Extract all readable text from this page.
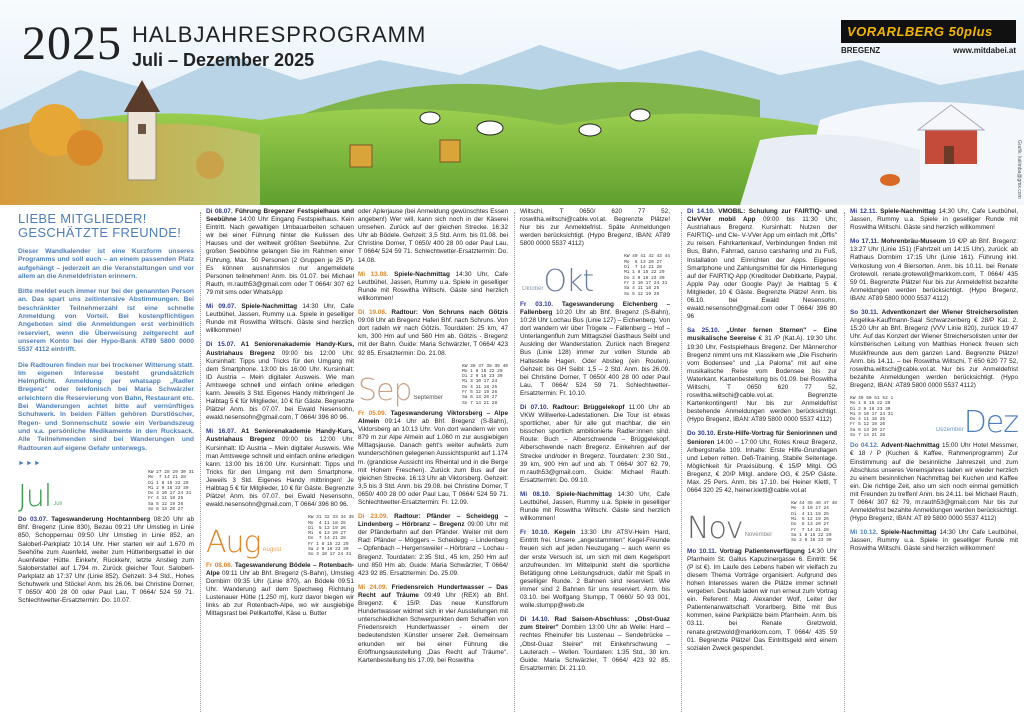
2025 HALBJAHRESPROGRAMM
Juli – Dezember 2025
VORARLBERG 50plus
BREGENZ	www.mitdabei.at
Grafik: kalimba@gmx.com
LIEBE MITGLIEDER!
GESCHÄTZTE FREUNDE!

Dieser Wandkalender ist eine Kurzform unseres Programms und soll euch – an einem passenden Platz aufgehängt – jederzeit an die Veranstaltungen und vor allem an die Anmeldefristen erinnern.

Bitte meldet euch immer nur bei der genannten Person an. Das spart uns zeitintensive Abstimmungen. Bei beschränkter Teilnehmerzahl ist eine schnelle Anmeldung von Vorteil. Bei kostenpflichtigen Angeboten sind die Anmeldungen erst verbindlich reserviert, wenn die Überweisung zeitgerecht auf unserem Konto bei der Hypo-Bank AT89 5800 0000 5537 4112 eintrifft.

Die Radtouren finden nur bei trockener Witterung statt. Im eigenen Interesse besteht grundsätzlich Helmpflicht. Anmeldung per whatsapp „Radler Bregenz" oder telefonisch bei Maria Schwärzler erleichtern die Reservierung von Bahn, Restaurant etc. Bei Wanderungen achtet bitte auf vernünftiges Schuhwerk. In beiden Fällen gehören Durstlöscher, Regen- und Sonnenschutz sowie ein Verbandszeug und v.a. persönliche Medikamente in den Rucksack. Alle Teilnehmenden sind bei Wanderungen und Radtouren auf eigene Gefahr unterwegs.

►►►
Jul Juli
KW 27 28 29 30 31
Mo  7 14 21 28
Di 1 8 15 22 29
Mi 2 9 16 23 30
Do 3 10 17 24 31
Fr 4 11 18 25
Sa 5 12 19 26
So 6 13 20 27
Do 03.07. Tageswanderung Hochtannberg 08:20 Uhr ab Bhf. Bregenz (Linie 830), Bezau 09:21 Uhr Umstieg in Linie 850, Schoppernau 09:50 Uhr Umstieg in Linie 852, an Saloberl-Parkplatz 10:14 Uhr. Hier starten wir auf 1.670 m Seehöhe zum Auenfeld, weiter zum Hüttenbergsattel in der Auenfelder Hütte. Einkehr, Rückkehr, letzte Anstieg zum Saloberstattel auf 1.794 m. Zurück gleicher Tour. Saloberl-Parkplatz ab 17:37 Uhr (Linie 852). Gehzeit: 3-4 Std., Hohes Schuhwerk und Stöcke! Anm. bis 26.06. bei Christine Dorner, T 0650/ 400 28 00 oder Paul Lau, T 0664/ 524 59 71. Schlechtwetter-Ersatztermin: Do. 10.07.
Di 08.07. Führung Bregenzer Festspielhaus und Seebühne 14:00 Uhr Eingang Festspielhaus. Kein Eintritt. Nach gewaltigen Umbauarbeiten schauen wir bei einer Führung hinter die Kulissen des Hauses und der weltweit größten Seebühne. Zur großen Seebühne gelangen Sie im Rahmen einer Führung. Max. 50 Personen (2 Gruppen je 25 P). Es können ausnahmslos nur angemeldete Personen teilnehmen! Anm. bis 01.07. bei Michael Rauth, m.rauth53@gmail.com oder T 0664/ 307 62 79 mit sms oder WhatsApp
Mi 09.07. Spiele-Nachmittag 14:30 Uhr, Cafe Leutbühel, Jassen, Rummy u.a. Spiele in geselliger Runde mit Roswitha Wiltschi. Gäste sind herzlich willkommen!
Di 15.07. A1 Seniorenakademie Handy-Kurs, Austriahaus Bregenz 09:00 bis 12:00 Uhr. Kursinhalt: Tipps und Tricks für den Umgang mit dem Smartphone. 13:00 bis 16:00 Uhr. Kursinhalt: ID Austria – Mein digitaler Ausweis. Wie man Amtswege schnell und einfach online erledigen kann. Jeweils 3 Std. Eigenes Handy mitbringen! Je Halbtag 5 € für Mitglieder, 10 € für Gäste. Begrenzte Plätze! Anm. bis 07.07. bei Ewald Nesensohn, ewald.nesensohn@gmail.com, T 0664/ 396 80 96.
Mi 16.07. A1 Seniorenakademie Handy-Kurs, Austriahaus Bregenz 09:00 bis 12:00 Uhr. Kursinhalt: ID Austria – Mein digitaler Ausweis. Wie man Amtswege schnell und einfach online erledigen kann. 13:00 bis 16:00 Uhr. Kursinhalt: Tipps und Tricks für den Umgang mit dem Smartphone. Jeweils 3 Std. Eigenes Handy mitbringen! Je Halbtag 5 € für Mitglieder, 10 € für Gäste. Begrenzte Plätze! Anm. bis 07.07. bei Ewald Nesensohn, ewald.nesensohn@gmail.com, T 0664/ 396 80 96.
Aug August
KW 31 32 33 34 35
Mo  4 11 18 25
Di  5 12 19 26
Mi  6 13 20 27
Do  7 14 21 28
Fr 1 8 15 22 29
Sa 2 9 16 23 30
So 3 10 17 24 31
Fr 08.08. Tageswanderung Bödele – Rotenbach-Alpe 09:11 Uhr ab Bhf. Bregenz (S-Bahn), Umstieg Dornbirn 09:35 Uhr (Linie 870), an Bödele 09:51 Uhr. Wanderung auf dem Spechweg Richtung Lustenauer Hütte (1.250 m), kurz davor biegen wir links ab zur Rotenbach-Alpe, wo wir ausgiebige Mittagsrast bei Pellkartoffel, Käse u. Butter
oder Äplerjause (bei Anmeldung gewünschtes Essen angeben!) Wer will, kann sich noch in der Käserei umsehen. Zurück auf der gleichen Strecke. 16:32 Uhr ab Bödele. Gehzeit: 3,5 Std. Anm. bis 01.08. bei Christine Dorner, T 0650/ 400 28 00 oder Paul Lau, T 0664/ 524 59 71. Schlechtwetter-Ersatztermin: Do. 14.08.
Mi 13.08. Spiele-Nachmittag 14:30 Uhr, Cafe Leutbühel, Jassen, Rummy u.a. Spiele in geselliger Runde mit Roswitha Wiltschi. Gäste sind herzlich willkommen!
Di 19.08. Radtour: Von Schruns nach Götzis 09:08 Uhr ab Bregenz Hafen Bhf. nach Schruns. Von dort radeln wir nach Götzis. Tourdaten: 25 km, 47 km, 300 Hm auf und 560 Hm ab. Götzis - Bregenz mit der Bahn. Guide: Maria Schwärzler, T 0664/ 423 92 85. Ersatztermin: Do. 21.08.
Sep September
KW 36 37 38 39 40
Mo 1 8 15 22 29
Di 2 9 16 23 30
Mi 3 10 17 24
Do 4 11 18 25
Fr 5 12 19 26
Sa 6 13 20 27
So 7 14 21 28
Fr 05.09. Tageswanderung Viktorsberg – Alpe Almein 09:14 Uhr ab Bhf. Bregenz (S-Bahn), Viktorsberg an 10:13 Uhr. Von dort wandern wir von 879 m zur Alpe Almein auf 1.060 m zur ausgiebigen Mittagsjause. Danach geht's weiter aufwärts zum wunderschönen gelegenen Aussichtspunkt auf 1.174 m. (grandiose Aussicht ins Rheintal und in die Berge mit Hohem Freschen). Zurück zum Bus auf der gleichen Strecke. 16:13 Uhr ab Viktorsberg. Gehzeit: 3,5 bis 3 Std. Anm. bis 29.08. bei Christine Dorner, T 0650/ 400 28 00 oder Paul Lau, T 0664/ 524 59 71. Schlechtwetter-Ersatztermin: Fr. 12.09.
Di 23.09. Radtour: Pfänder – Scheidegg – Lindenberg – Hörbranz – Bregenz 09:00 Uhr mit der Pfänderbahn auf den Pfänder. Weiter mit dem Rad: Pfänder – Möggers – Scheidegg – Lindenberg – Opfenbach – Hergensweiler – Hörbranz – Lochau - Bregenz. Tourdaten: 2:35 Std., 45 km, 250 Hm auf und 850 Hm ab. Guide: Maria Schwärzler, T 0664/ 423 92 85. Ersatztermin: Do. 25.09.
Mi 24.09. Friedensreich Hundertwasser – Das Recht auf Träume 09:49 Uhr (REX) ab Bhf. Bregenz. € 15/P. Das neue Kunstforum Hundertwasser widmet sich in vier Ausstellungen mit unterschiedlichen Schwerpunkten dem Schaffen von Friedensreich Hundertwasser - einem der bedeutendsten Künstler unserer Zeit. Gemeinsam erkunden wir bei einer Führung die Eröffnungsausstellung „Das Recht auf Träume". Kartenbestellung bis 17.09. bei Roswitha
Wiltschi, T 0650/ 620 77 52, roswitha.wiltschi@cable.vol.at. Begrenzte Plätze! Nur bis zur Anmeldefrist. Späte Anmeldungen werden berücksichtigt. (Hypo Bregenz, IBAN: AT89 5800 0000 5537 4112)
Oktober Okt
KW 40 41 42 43 44
Mo  6 13 20 27
Di  7 14 21 28
Mi 1 8 15 22 29
Do 2 9 16 23 30
Fr 3 10 17 24 31
Sa 4 11 18 25
So 5 12 19 26
Fr 03.10. Tageswanderung Eichenberg – Fallenberg 10:20 Uhr ab Bhf. Bregenz (S-Bahn), 10:28 Uhr Lochau Bus (Linie 127) – Eichenberg. Von dort wandern wir über Trögele – Fallenberg – Hof – Unterlangenfluh zum Mittagsziel Gasthaus Seibl und Auskling der Wanderstation. Zurück nach Bregenz Bus (Linie 128) immer zur vollen Stunde ab Haltestelle Hagen. Oder Abstieg (ein Routen). Gehzeit: bis GH Seibl: 1,5 – 2 Std. Anm. bis 26.09. bei Christine Dorner, T 0650/ 400 28 00 oder Paul Lau, T 0664/ 524 59 71. Schlechtwetter-Ersatztermin: Fr. 10.10.
Di 07.10. Radtour: Brüggelekopf 11:00 Uhr ab VKW Willwerke-Ladestationen. Die Tour ist etwas sportlicher, aber für alle gut machbar, die ein bisschen sportlich ambitionierte Radler:innen sind. Route: Buch – Alberschwende – Brüggelekopf. Alberschwende nach Bregenz. Einkehren auf der Strecke und/oder in Bregenz. Tourdaten: 2:30 Std., 39 km, 900 Hm auf und ab. T 0664/ 307 62 79, m.rauth53@gmail.com. Guide: Michael Rauth. Ersatztermin: Do. 09.10.
Mi 08.10. Spiele-Nachmittag 14:30 Uhr, Cafe Leutbühel, Jassen, Rummy u.a. Spiele in geselliger Runde mit Roswitha Wiltschi. Gäste sind herzlich willkommen!
Fr 10.10. Kegeln 13:30 Uhr ATSV-Heim Hard, Eintritt frei. Unsere „angestammten" Kegel-Freunde freuen sich auf jeden Neuzugang – auch wenn es der erste Versuch ist, um sich mit dem Kegelsport anzufreunden. Im Mittelpunkt steht die sportliche Betätigung ohne Leistungsdruck, dafür mit Spaß in geselliger Runde. 2 Bahnen sind reserviert. Wie immer sind 2 Bahnen für uns reserviert. Anm. bis 03.10. bei Wolfgang Stumpp, T 0660/ 50 93 001, wolle.stumpp@web.de
Di 14.10. Rad Saison-Abschluss: „Obst-Guaz zum Steirer" Dornbirn 13:00 Uhr ab Welle: Hard – rechtes Rheinufer bis Lustenau – Sendebrücke – „Obst-Guaz Steirer" mit Einkehrschwung – Lauterach – Wellen. Tourdaten: 1:35 Std., 30 km. Guide: Maria Schwärzler, T 0664/ 423 92 85. Ersatztermin: Di. 21.10.
Di 14.10. VMOBIL: Schulung zur FAIRTIQ- und CleVVer mobil App 09:00 bis 11:30 Uhr, Austriahaus Bregenz. Kursinhalt: Nutzen der FAIRTIQ- und Cle- V-VVer App um einfach mit „Öffis" zu reisen. Fahrkartenkauf, Verbindungen finden mit Bus, Bahn, Fahrrad, caruso carsharing und zu Fuß, Installation und Einrichten der Apps. Eigenes Smartphone und Zahlungsmittel für die Hinterlegung auf der FAIRTIQ App (Kreditoder Debitkarte, Paypal, Apple Pay oder Google Pay)! Je Halbtag 5 € Mitglieder, 10 € Gäste. Begrenzte Plätze! Anm. bis 06.10. bei Ewald Nesensohn, ewald.nesensohn@gmail.com oder T 0664/ 396 80 96
Sa 25.10. „Unter fernen Sternen" – Eine musikalische Seereise € 31 /P (Kat.A). 19:30 Uhr. 19:30 Uhr, Festspielhaus Bregenz. Der Männerchor Bregenz nimmt uns mit Klassikern wie „Die Fischerin vom Bodensee" und „La Paloma" mit auf eine musikalische Reise vom Bodensee bis zur Waterkant. Kartenbestellung bis 01.09. bei Roswitha Wiltschi, T 0650 620 77 52, roswitha.wiltschi@cable.vol.at. Begrenzte Kartenkontingent! Nur bis zur Anmeldefrist bestehende Anmeldungen werden berücksichtigt. (Hypo Bregenz, IBAN: AT89 5800 0000 5537 4112)
Do 30.10. Erste-Hilfe-Vortrag für Seniorinnen und Senioren 14:00 – 17:00 Uhr, Rotes Kreuz Bregenz, Arlbergstraße 109. Inhalte: Erste Hilfe-Grundlagen und Leben retten. Defi-Training, Stabile Seitenlage. Möglichkeit für Praxisübung. € 15/P Mitgl. OG Bregenz, € 20/P Mitgl. andere OG, € 25/P Gäste. Max. 25 Pers. Anm. bis 17.10. bei Heiner Klettl, T 0664 320 25 42, heiner.klettl@cable.vol.at
Nov November
KW 44 45 46 47 48
Mo  3 10 17 24
Di  4 11 18 25
Mi  5 12 19 26
Do  6 13 20 27
Fr  7 14 21 28
Sa 1 8 15 22 29
So 2 9 16 23 30
Mo 10.11. Vortrag Patientenverfügung 14:30 Uhr Pfarrheim St. Gallus Kapuzinergasse 6. Eintritt: 5€ (P ist €). Im Laufe des Lebens haben wir vielfach zu diesem Thema Vorträge organisiert. Aufgrund des hohen Interesses waren die Plätze immer schnell vergeben. Deshalb laden wir nun erneut zum Vortrag ein. Referent: Mag. Alexander Wolf, Leiter der Patientenanwaltschaft Vorarlberg. Bitte mit Bus kommen, keine Parkplätze beim Pfarrheim. Anm. bis 03.11. bei Renate Gretzwold, renate.gretzwold@markkom.com, T 0664/ 435 59 01. Begrenzte Plätze! Das Eintrittsgeld wird einem sozialen Zweck gespendet.
Mi 12.11. Spiele-Nachmittag 14:30 Uhr, Cafe Leutbühel, Jassen, Rummy u.a. Spiele in geselliger Runde mit Roswitha Wiltschi. Gäste sind herzlich willkommen!
Mo 17.11. Mohrenbräu-Museum 19 €/P ab Bhf. Bregenz: 13:27 Uhr (Linie 151) (Fahrtzeit um 14:15 Uhr), zurück: ab Rathaus Dornbirn 17:15 Uhr (Linie 161). Führung inkl. Verkostung von 4 Biersorten. Anm. bis 10.11. bei Renate Grotewoll, renate.grotewoll@markkom.com, T 0664/ 435 59 01. Begrenzte Plätze! Nur bis zur Anmeldefrist bezahlte Anmeldungen werden berücksichtigt. (Hypo Bregenz, IBAN: AT89 5800 0000 5537 4112)
So 30.11. Adventkonzert der Wiener Streichersolisten Angelika-Kauffmann-Saal Schwarzenberg € 28/P Kat. 2. 15:20 Uhr ab Bhf. Bregenz (VVV Linie 820), zurück 19:47 Uhr. Auf das Konzert der Wiener Streichersolisten unter der künstlerischen Leitung von Matthias Honeck freuen sich Musikfreunde aus dem ganzen Land. Begrenzte Plätze! Anm. bis 14.11. – bei Roswitha Wiltschi, T 650 620 77 52, roswitha.wiltschi@cable.vol.at. Nur bis zur Anmeldefrist bezahlte Anmeldungen werden berücksichtigt. (Hypo Bregenz, IBAN: AT89 5800 0000 5537 4112)
KW 49 50 51 52 1
Mo 1 8 15 22 29
Di 2 9 16 23 30
Mi 3 10 17 24 31
Do 4 11 18 25
Fr 5 12 19 26
Sa 6 13 20 27
So 7 14 21 28
Dezember Dez
Do 04.12. Advent-Nachmittag 15:00 Uhr Hotel Messmer, € 18 / P (Kuchen & Kaffee, Rahmenprogramm) Zur Einstimmung auf die besinnliche Jahreszeit und zum Abschluss unseres Vereinsjahres laden wir wieder herzlich zu einem besinnlichen Nachmittag bei Kuchen und Kaffee ein. Die richtige Zeit, also um sich noch einmal gemütlich mit Freunden zu treffen! Anm. bis 24.11. bei Michael Rauth, T 0664/ 307 62 79, m.rauth53@gmail.com Nur bis zur Anmeldefrist bezahlte Anmeldungen werden berücksichtigt. (Hypo Bregenz, IBAN: AT 89 5800 0000 5537 4112)
Mi 10.12. Spiele-Nachmittag 14:30 Uhr Cafe Leutbühel, Jassen, Rummy u.a. Spiele in geselliger Runde mit Roswitha Wiltschi. Gäste sind herzlich willkommen!
